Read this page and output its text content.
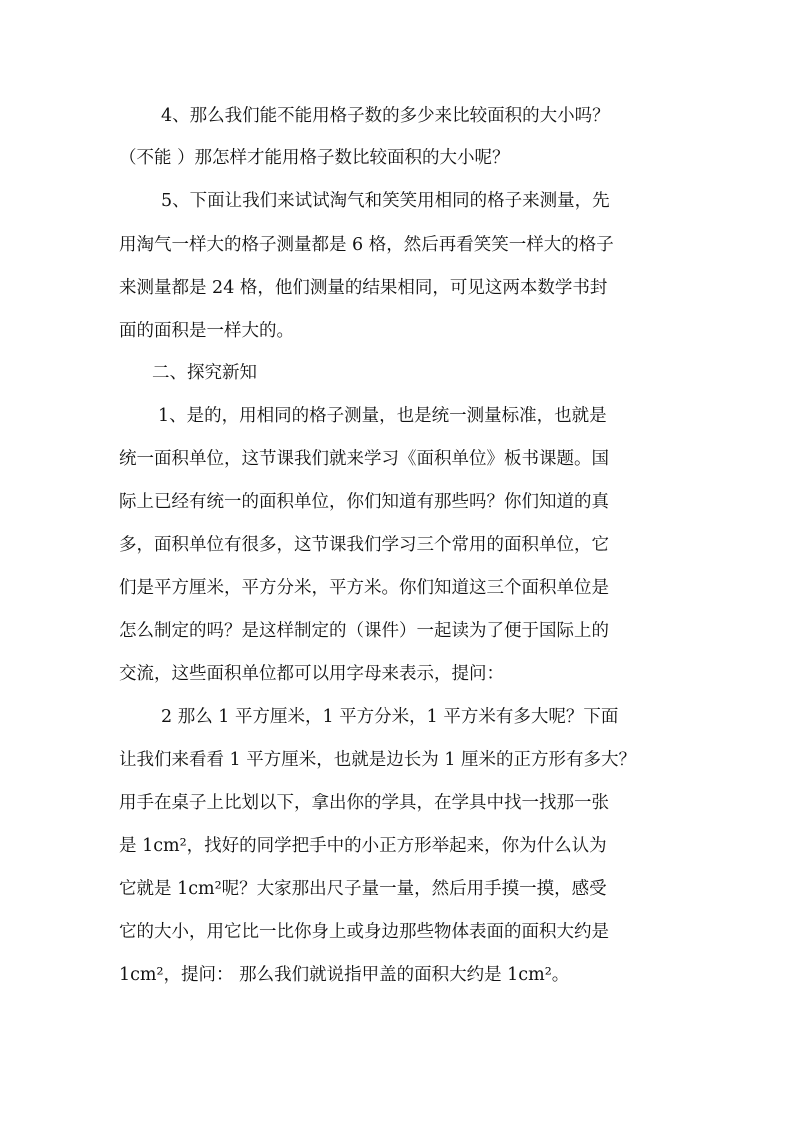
4、那么我们能不能用格子数的多少来比较面积的大小吗？
（不能 ）那怎样才能用格子数比较面积的大小呢？
5、下面让我们来试试淘气和笑笑用相同的格子来测量，先
用淘气一样大的格子测量都是 6 格，然后再看笑笑一样大的格子
来测量都是 24 格，他们测量的结果相同，可见这两本数学书封
面的面积是一样大的。
二、探究新知
1、是的，用相同的格子测量，也是统一测量标准，也就是
统一面积单位，这节课我们就来学习《面积单位》板书课题。国
际上已经有统一的面积单位，你们知道有那些吗？你们知道的真
多，面积单位有很多，这节课我们学习三个常用的面积单位，它
们是平方厘米，平方分米，平方米。你们知道这三个面积单位是
怎么制定的吗？是这样制定的（课件）一起读为了便于国际上的
交流，这些面积单位都可以用字母来表示，提问：
2 那么 1 平方厘米，1 平方分米，1 平方米有多大呢？下面
让我们来看看 1 平方厘米，也就是边长为 1 厘米的正方形有多大？
用手在桌子上比划以下，拿出你的学具，在学具中找一找那一张
是 1cm²，找好的同学把手中的小正方形举起来，你为什么认为
它就是 1cm²呢？大家那出尺子量一量，然后用手摸一摸，感受
它的大小，用它比一比你身上或身边那些物体表面的面积大约是
1cm²，提问： 那么我们就说指甲盖的面积大约是 1cm²。
